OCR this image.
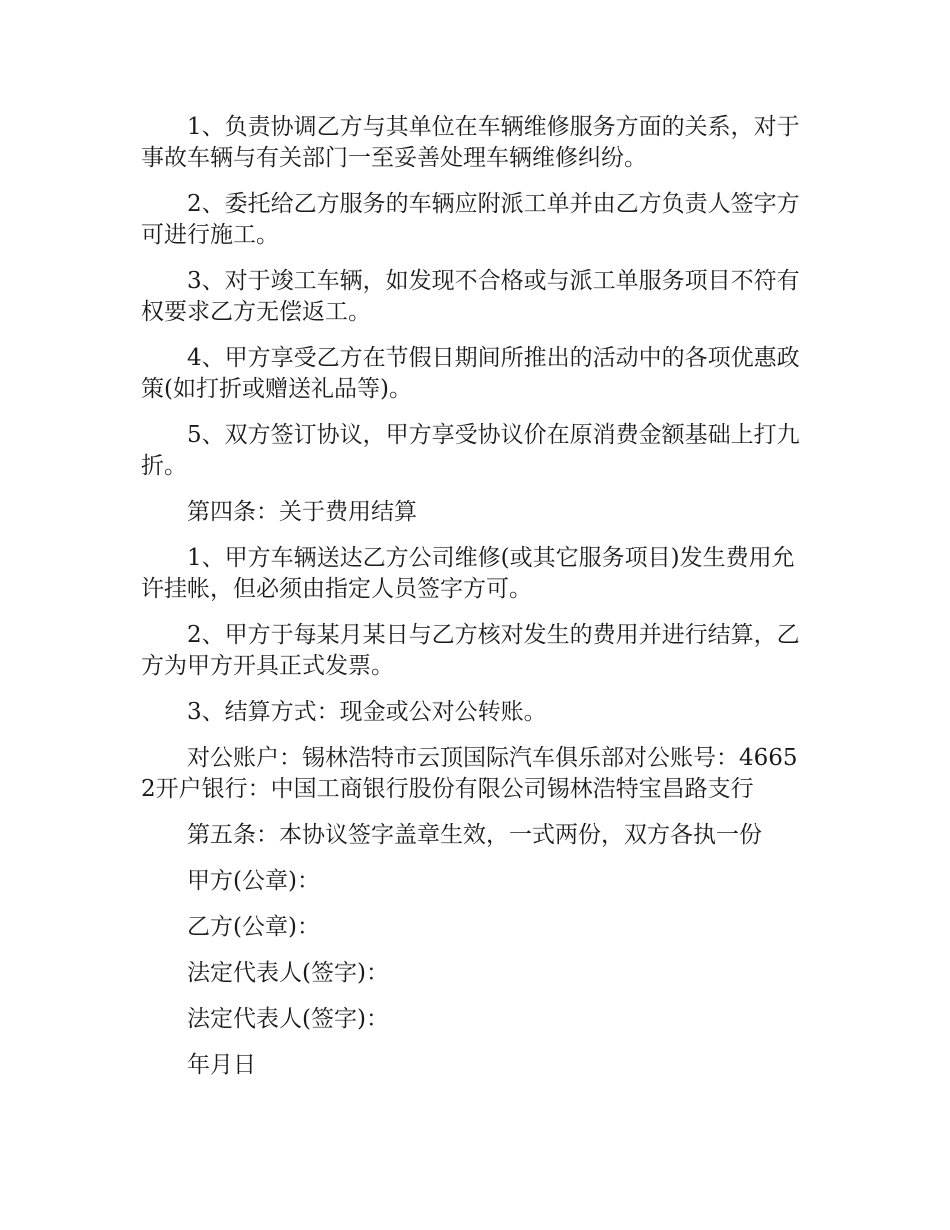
1、负责协调乙方与其单位在车辆维修服务方面的关系，对于事故车辆与有关部门一至妥善处理车辆维修纠纷。

2、委托给乙方服务的车辆应附派工单并由乙方负责人签字方可进行施工。

3、对于竣工车辆，如发现不合格或与派工单服务项目不符有权要求乙方无偿返工。

4、甲方享受乙方在节假日期间所推出的活动中的各项优惠政策(如打折或赠送礼品等)。

5、双方签订协议，甲方享受协议价在原消费金额基础上打九折。

第四条：关于费用结算

1、甲方车辆送达乙方公司维修(或其它服务项目)发生费用允许挂帐，但必须由指定人员签字方可。

2、甲方于每某月某日与乙方核对发生的费用并进行结算，乙方为甲方开具正式发票。

3、结算方式：现金或公对公转账。

对公账户：锡林浩特市云顶国际汽车俱乐部对公账号：46652开户银行：中国工商银行股份有限公司锡林浩特宝昌路支行

第五条：本协议签字盖章生效，一式两份，双方各执一份

甲方(公章)：

乙方(公章)：

法定代表人(签字)：

法定代表人(签字)：

年月日
